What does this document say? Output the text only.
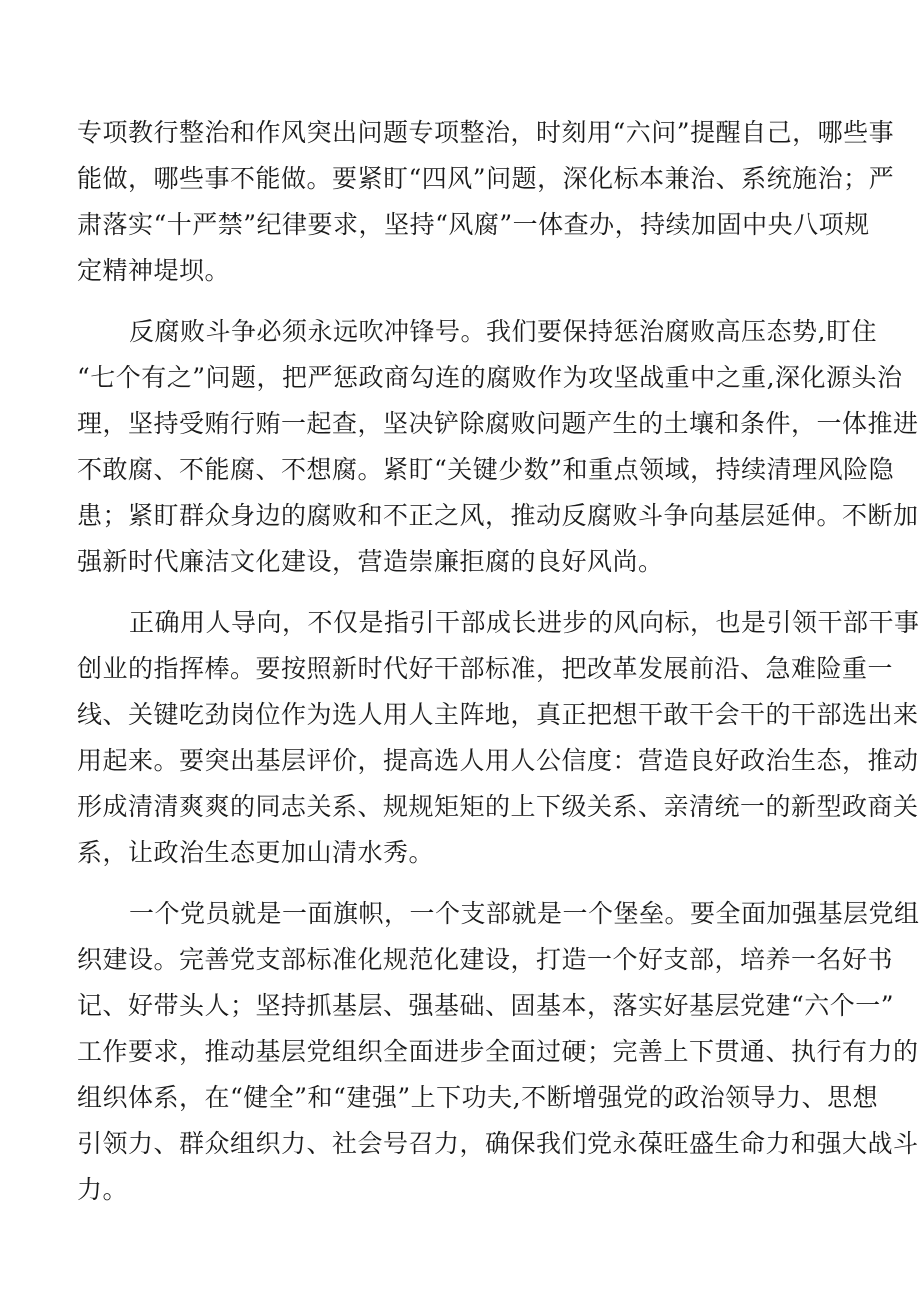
专项教行整治和作风突出问题专项整治，时刻用“六问”提醒自己，哪些事
能做，哪些事不能做。要紧盯“四风”问题，深化标本兼治、系统施治；严
肃落实“十严禁”纪律要求，坚持“风腐”一体查办，持续加固中央八项规
定精神堤坝。
反腐败斗争必须永远吹冲锋号。我们要保持惩治腐败高压态势,盯住
“七个有之”问题，把严惩政商勾连的腐败作为攻坚战重中之重,深化源头治
理，坚持受贿行贿一起查，坚决铲除腐败问题产生的土壤和条件，一体推进
不敢腐、不能腐、不想腐。紧盯“关键少数”和重点领域，持续清理风险隐
患；紧盯群众身边的腐败和不正之风，推动反腐败斗争向基层延伸。不断加
强新时代廉洁文化建设，营造崇廉拒腐的良好风尚。
正确用人导向，不仅是指引干部成长进步的风向标，也是引领干部干事
创业的指挥棒。要按照新时代好干部标准，把改革发展前沿、急难险重一
线、关键吃劲岗位作为选人用人主阵地，真正把想干敢干会干的干部选出来
用起来。要突出基层评价，提高选人用人公信度：营造良好政治生态，推动
形成清清爽爽的同志关系、规规矩矩的上下级关系、亲清统一的新型政商关
系，让政治生态更加山清水秀。
一个党员就是一面旗帜，一个支部就是一个堡垒。要全面加强基层党组
织建设。完善党支部标准化规范化建设，打造一个好支部，培养一名好书
记、好带头人；坚持抓基层、强基础、固基本，落实好基层党建“六个一”
工作要求，推动基层党组织全面进步全面过硬；完善上下贯通、执行有力的
组织体系，在“健全”和“建强”上下功夫,不断增强党的政治领导力、思想
引领力、群众组织力、社会号召力，确保我们党永葆旺盛生命力和强大战斗
力。
